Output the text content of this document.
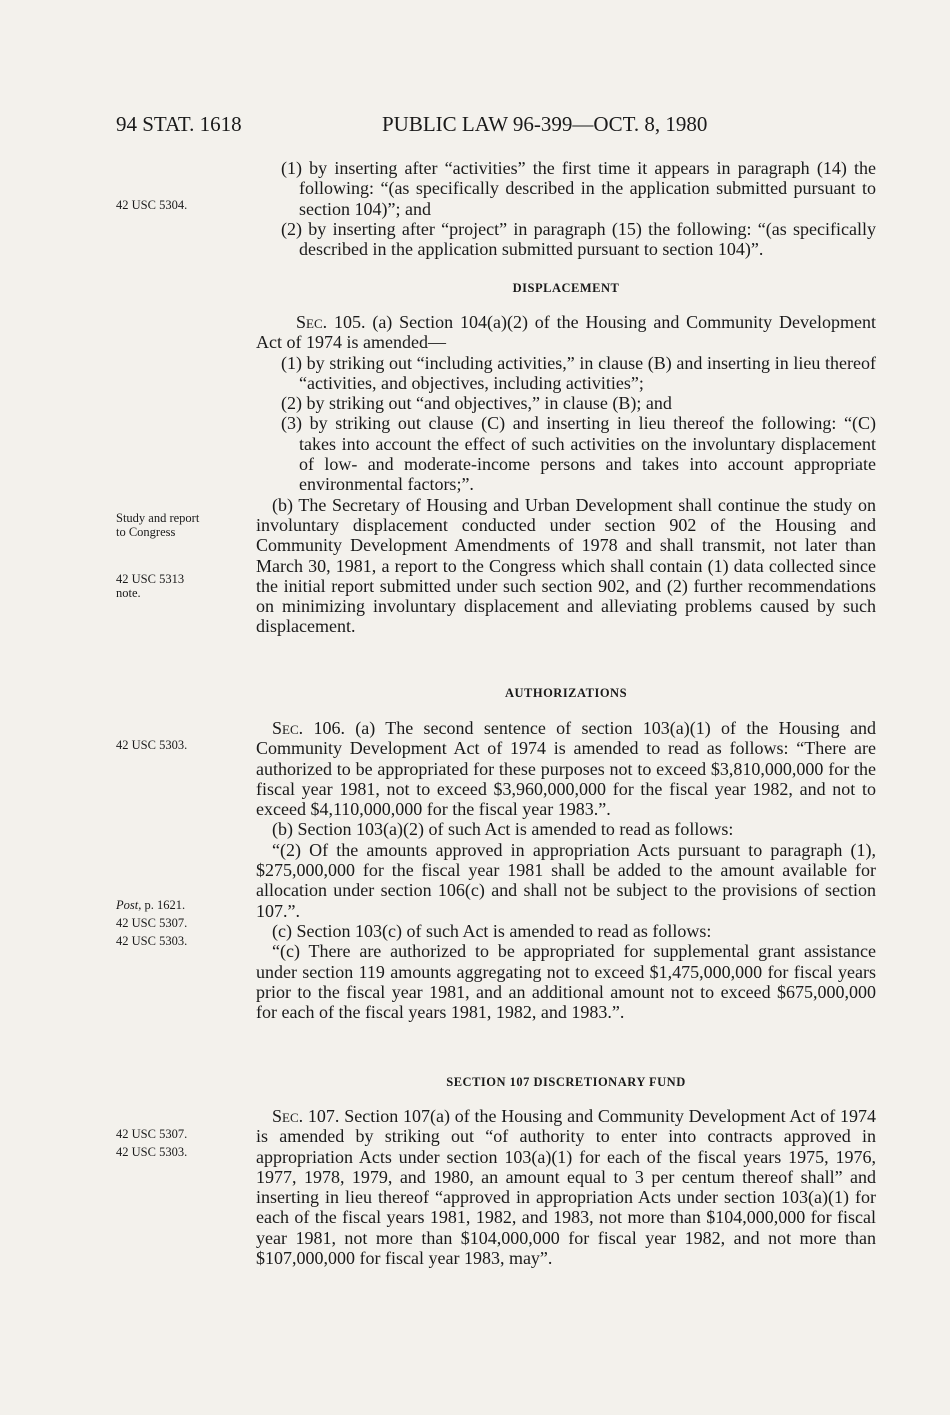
94 STAT. 1618	PUBLIC LAW 96-399—OCT. 8, 1980
42 USC 5304.
Study and report
to Congress
42 USC 5313
note.
42 USC 5303.
Post, p. 1621.
42 USC 5307.
42 USC 5303.
42 USC 5307.
42 USC 5303.

(1) by inserting after “activities” the first time it appears in paragraph (14) the following: “(as specifically described in the application submitted pursuant to section 104)”; and

(2) by inserting after “project” in paragraph (15) the following: “(as specifically described in the application submitted pursuant to section 104)”.

DISPLACEMENT

Sec. 105. (a) Section 104(a)(2) of the Housing and Community Development Act of 1974 is amended—

(1) by striking out “including activities,” in clause (B) and inserting in lieu thereof “activities, and objectives, including activities”;

(2) by striking out “and objectives,” in clause (B); and

(3) by striking out clause (C) and inserting in lieu thereof the following: “(C) takes into account the effect of such activities on the involuntary displacement of low- and moderate-income persons and takes into account appropriate environmental factors;”.

(b) The Secretary of Housing and Urban Development shall continue the study on involuntary displacement conducted under section 902 of the Housing and Community Development Amendments of 1978 and shall transmit, not later than March 30, 1981, a report to the Congress which shall contain (1) data collected since the initial report submitted under such section 902, and (2) further recommendations on minimizing involuntary displacement and alleviating problems caused by such displacement.

AUTHORIZATIONS

Sec. 106. (a) The second sentence of section 103(a)(1) of the Housing and Community Development Act of 1974 is amended to read as follows: “There are authorized to be appropriated for these purposes not to exceed $3,810,000,000 for the fiscal year 1981, not to exceed $3,960,000,000 for the fiscal year 1982, and not to exceed $4,110,000,000 for the fiscal year 1983.”.

(b) Section 103(a)(2) of such Act is amended to read as follows:

“(2) Of the amounts approved in appropriation Acts pursuant to paragraph (1), $275,000,000 for the fiscal year 1981 shall be added to the amount available for allocation under section 106(c) and shall not be subject to the provisions of section 107.”.

(c) Section 103(c) of such Act is amended to read as follows:

“(c) There are authorized to be appropriated for supplemental grant assistance under section 119 amounts aggregating not to exceed $1,475,000,000 for fiscal years prior to the fiscal year 1981, and an additional amount not to exceed $675,000,000 for each of the fiscal years 1981, 1982, and 1983.”.

SECTION 107 DISCRETIONARY FUND

Sec. 107. Section 107(a) of the Housing and Community Development Act of 1974 is amended by striking out “of authority to enter into contracts approved in appropriation Acts under section 103(a)(1) for each of the fiscal years 1975, 1976, 1977, 1978, 1979, and 1980, an amount equal to 3 per centum thereof shall” and inserting in lieu thereof “approved in appropriation Acts under section 103(a)(1) for each of the fiscal years 1981, 1982, and 1983, not more than $104,000,000 for fiscal year 1981, not more than $104,000,000 for fiscal year 1982, and not more than $107,000,000 for fiscal year 1983, may”.
